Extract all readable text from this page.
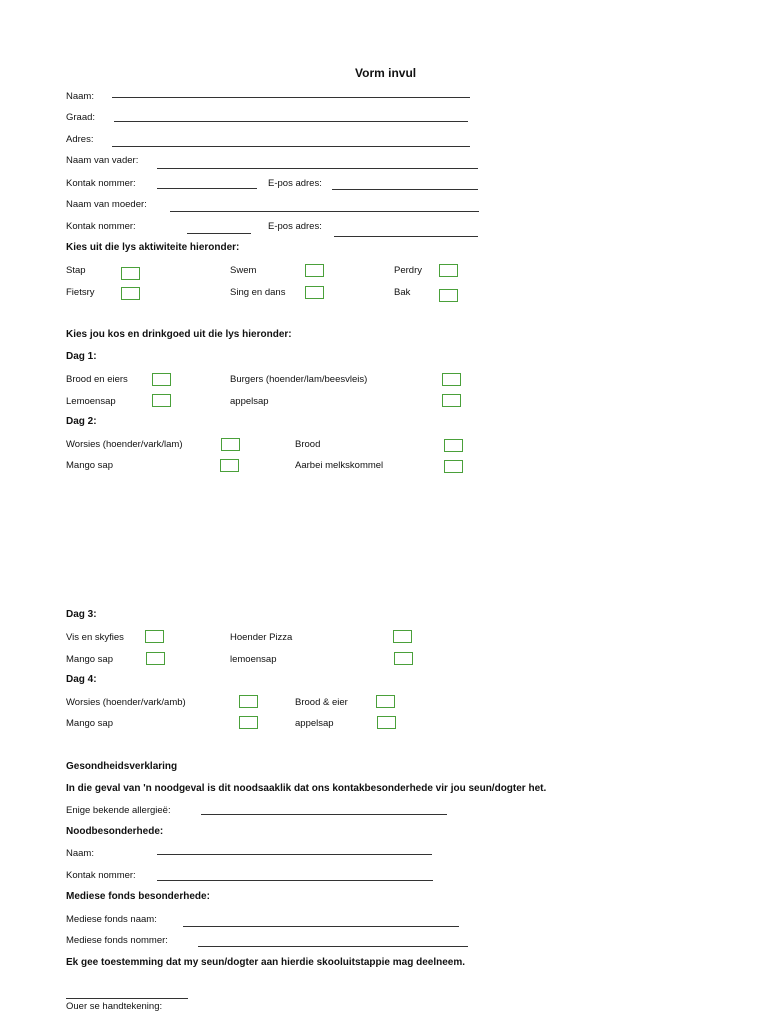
Vorm invul
Naam:
Graad:
Adres:
Naam van vader:
Kontak nommer:	E-pos adres:
Naam van moeder:
Kontak nommer:	E-pos adres:
Kies uit die lys aktiwiteite hieronder:
Stap	Swem	Perdry
Fietsry	Sing en dans	Bak
Kies jou kos en drinkgoed uit die lys hieronder:
Dag 1:
Brood en eiers	Burgers (hoender/lam/beesvleis)
Lemoensap	appelsap
Dag 2:
Worsies (hoender/vark/lam)	Brood
Mango sap	Aarbei melkskommel
Dag 3:
Vis en skyfies	Hoender Pizza
Mango sap	lemoensap
Dag 4:
Worsies (hoender/vark/amb)	Brood & eier
Mango sap	appelsap
Gesondheidsverklaring
In die geval van 'n noodgeval is dit noodsaaklik dat ons kontakbesonderhede vir jou seun/dogter het.
Enige bekende allergieë:
Noodbesonderhede:
Naam:
Kontak nommer:
Mediese fonds besonderhede:
Mediese fonds naam:
Mediese fonds nommer:
Ek gee toestemming dat my seun/dogter aan hierdie skooluitstappie mag deelneem.
Ouer se handtekening:
